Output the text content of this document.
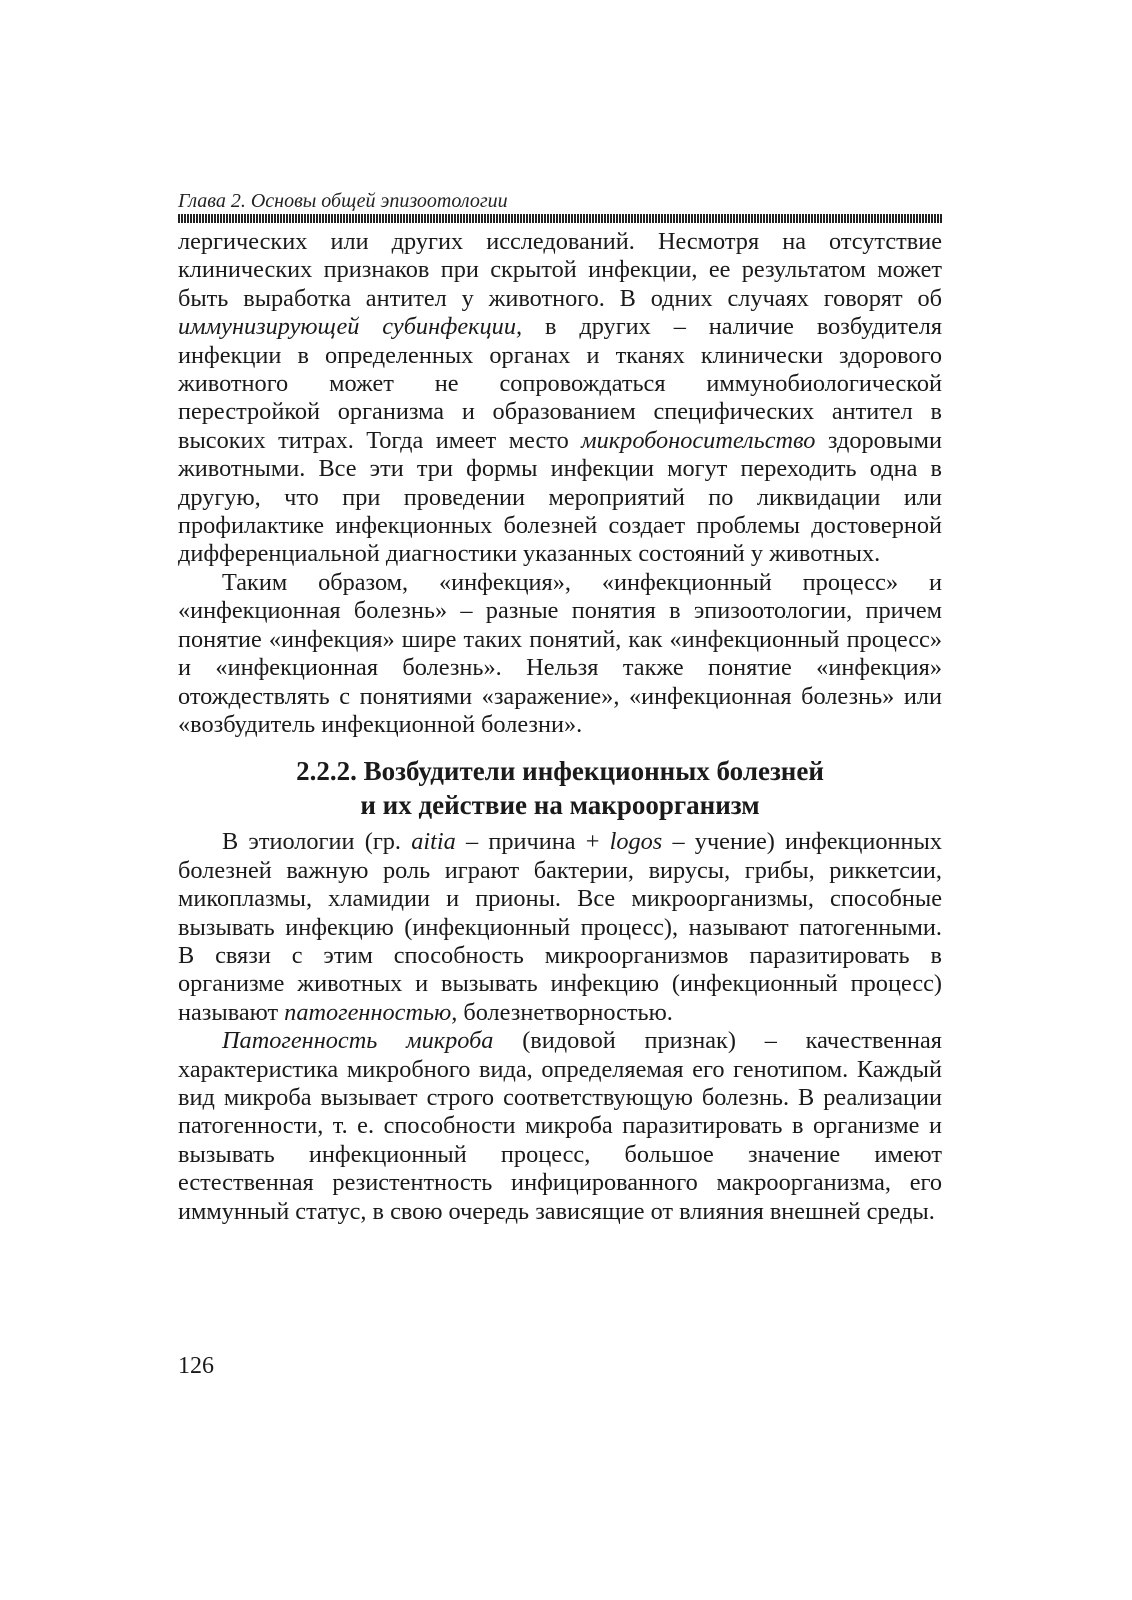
Глава 2. Основы общей эпизоотологии

лергических или других исследований. Несмотря на отсутствие клинических признаков при скрытой инфекции, ее результатом может быть выработка антител у животного. В одних случаях говорят об иммунизирующей субинфекции, в других – наличие возбудителя инфекции в определенных органах и тканях клинически здорового животного может не сопровождаться иммунобиологической перестройкой организма и образованием специфических антител в высоких титрах. Тогда имеет место микробоносительство здоровыми животными. Все эти три формы инфекции могут переходить одна в другую, что при проведении мероприятий по ликвидации или профилактике инфекционных болезней создает проблемы достоверной дифференциальной диагностики указанных состояний у животных.

Таким образом, «инфекция», «инфекционный процесс» и «инфекционная болезнь» – разные понятия в эпизоотологии, причем понятие «инфекция» шире таких понятий, как «инфекционный процесс» и «инфекционная болезнь». Нельзя также понятие «инфекция» отождествлять с понятиями «заражение», «инфекционная болезнь» или «возбудитель инфекционной болезни».

2.2.2. Возбудители инфекционных болезней
и их действие на макроорганизм

В этиологии (гр. aitia – причина + logos – учение) инфекционных болезней важную роль играют бактерии, вирусы, грибы, риккетсии, микоплазмы, хламидии и прионы. Все микроорганизмы, способные вызывать инфекцию (инфекционный процесс), называют патогенными. В связи с этим способность микроорганизмов паразитировать в организме животных и вызывать инфекцию (инфекционный процесс) называют патогенностью, болезнетворностью.

Патогенность микроба (видовой признак) – качественная характеристика микробного вида, определяемая его генотипом. Каждый вид микроба вызывает строго соответствующую болезнь. В реализации патогенности, т. е. способности микроба паразитировать в организме и вызывать инфекционный процесс, большое значение имеют естественная резистентность инфицированного макроорганизма, его иммунный статус, в свою очередь зависящие от влияния внешней среды.

126
